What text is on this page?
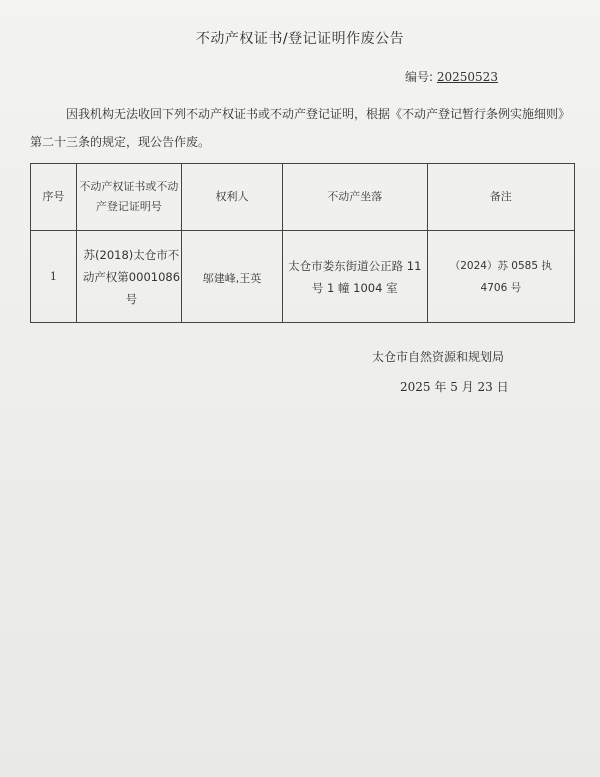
不动产权证书/登记证明作废公告
编号: 20250523
因我机构无法收回下列不动产权证书或不动产登记证明，根据《不动产登记暂行条例实施细则》第二十三条的规定，现公告作废。
序号	不动产权证书或不动
产登记证明号	权利人	不动产坐落	备注
1	苏(2018)太仓市不
动产权第0001086
号	邬建峰,王英	太仓市娄东街道公正路 11
号 1 幢 1004 室	（2024）苏 0585 执
4706 号
太仓市自然资源和规划局
2025 年 5 月 23 日
